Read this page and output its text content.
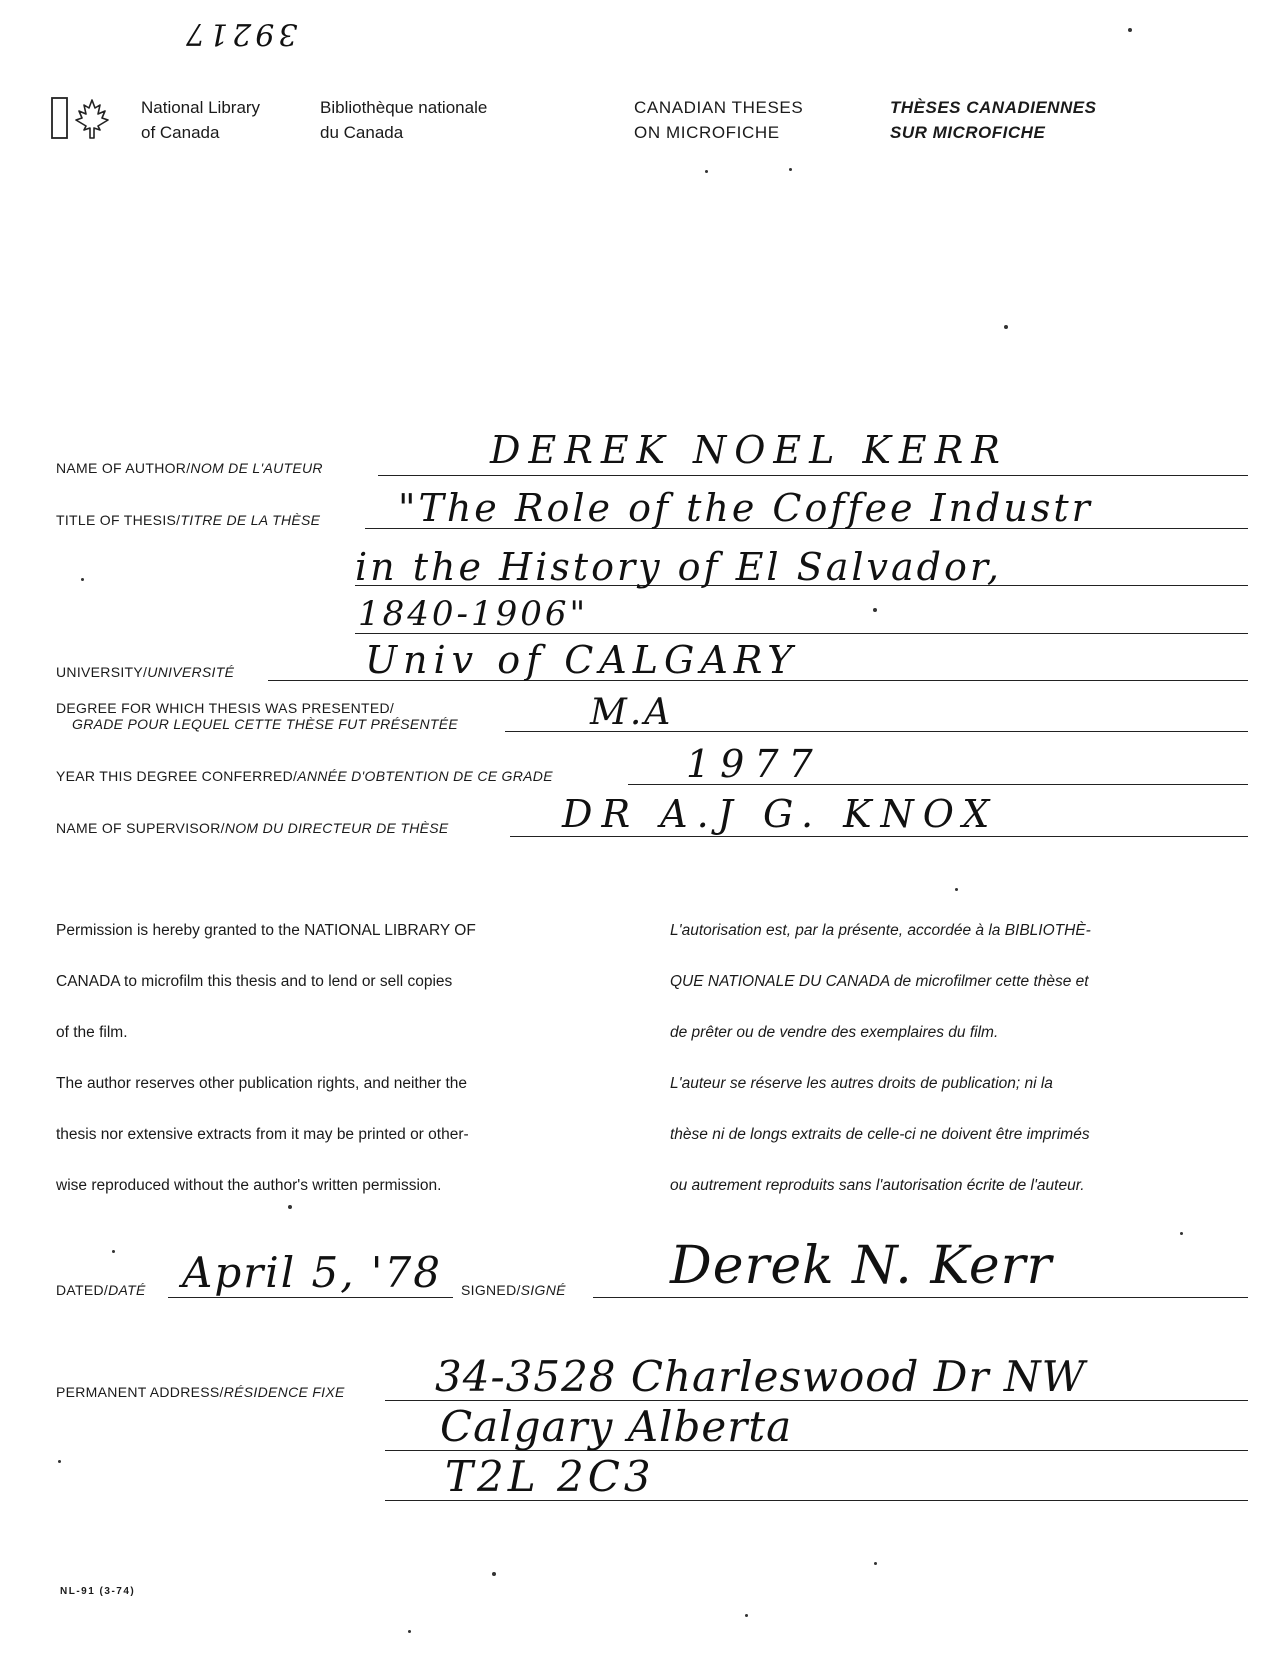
39217
National Library
of Canada
Bibliothèque nationale
du Canada
CANADIAN THESES
ON MICROFICHE
THÈSES CANADIENNES
SUR MICROFICHE
NAME OF AUTHOR/NOM DE L'AUTEUR	DEREK NOEL KERR
TITLE OF THESIS/TITRE DE LA THÈSE "The Role of the Coffee Industr
in the History of El Salvador,
1840-1906"
UNIVERSITY/UNIVERSITÉ	Univ of CALGARY
DEGREE FOR WHICH THESIS WAS PRESENTED/
GRADE POUR LEQUEL CETTE THÈSE FUT PRÉSENTÉE	M.A
YEAR THIS DEGREE CONFERRED/ANNÉE D'OBTENTION DE CE GRADE	1977
NAME OF SUPERVISOR/NOM DU DIRECTEUR DE THÈSE	DR A.J G. KNOX

Permission is hereby granted to the NATIONAL LIBRARY OF

CANADA to microfilm this thesis and to lend or sell copies

of the film.

The author reserves other publication rights, and neither the

thesis nor extensive extracts from it may be printed or other-

wise reproduced without the author's written permission.

L'autorisation est, par la présente, accordée à la BIBLIOTHÈ-

QUE NATIONALE DU CANADA de microfilmer cette thèse et

de prêter ou de vendre des exemplaires du film.

L'auteur se réserve les autres droits de publication; ni la

thèse ni de longs extraits de celle-ci ne doivent être imprimés

ou autrement reproduits sans l'autorisation écrite de l'auteur.

DATED/DATÉ April 5, '78 SIGNED/SIGNÉ Derek N. Kerr
PERMANENT ADDRESS/RÉSIDENCE FIXE 34-3528 Charleswood Dr NW
Calgary Alberta
T2L 2C3
NL-91 (3-74)
